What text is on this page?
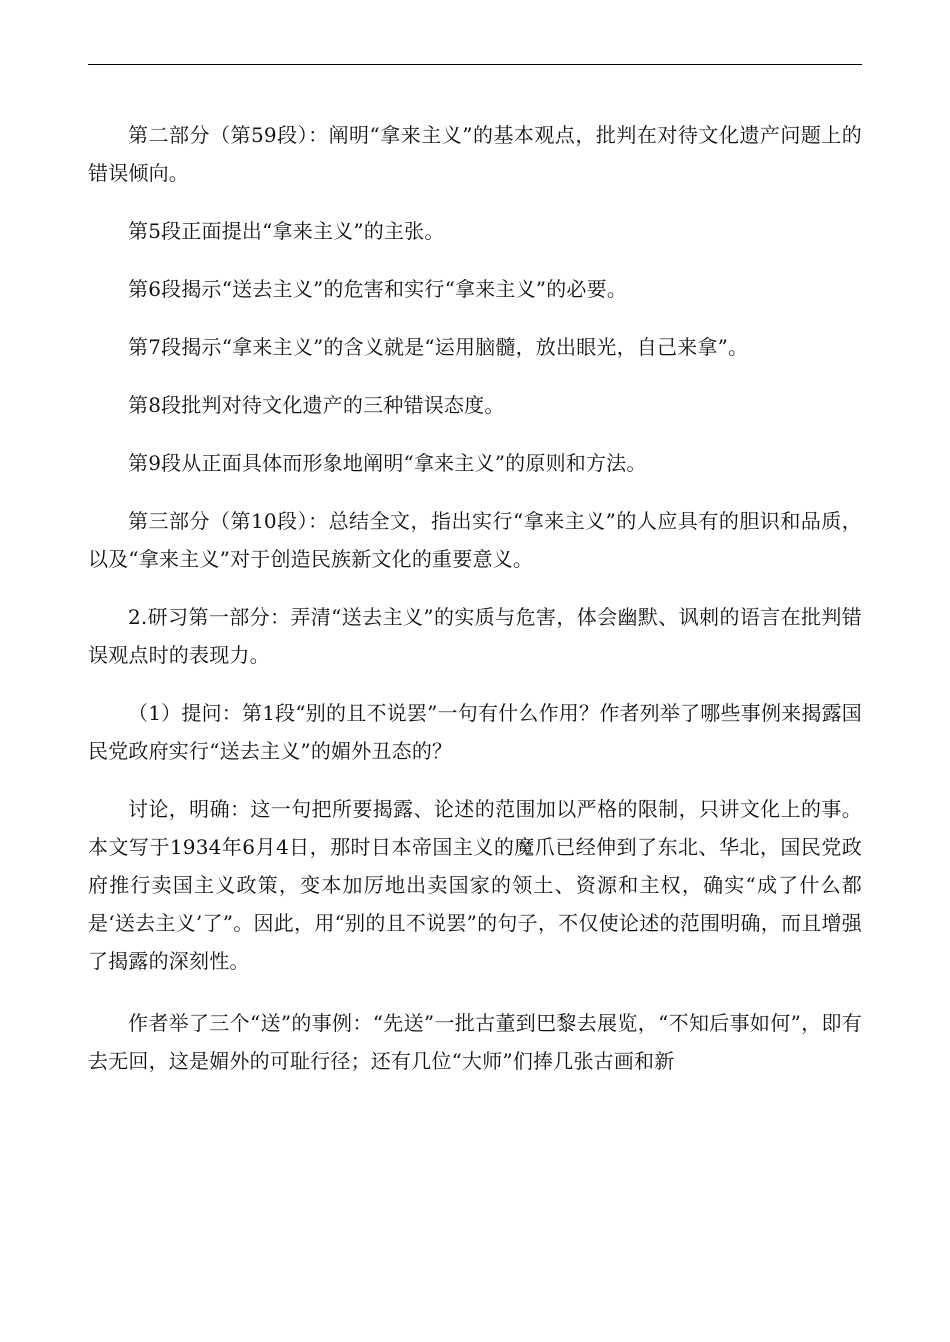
第二部分（第59段）：阐明“拿来主义”的基本观点，批判在对待文化遗产问题上的错误倾向。

第5段正面提出“拿来主义”的主张。

第6段揭示“送去主义”的危害和实行“拿来主义”的必要。

第7段揭示“拿来主义”的含义就是“运用脑髓，放出眼光，自己来拿”。

第8段批判对待文化遗产的三种错误态度。

第9段从正面具体而形象地阐明“拿来主义”的原则和方法。

第三部分（第10段）：总结全文，指出实行“拿来主义”的人应具有的胆识和品质，以及“拿来主义”对于创造民族新文化的重要意义。

2.研习第一部分：弄清“送去主义”的实质与危害，体会幽默、讽刺的语言在批判错误观点时的表现力。

（1）提问：第1段“别的且不说罢”一句有什么作用？作者列举了哪些事例来揭露国民党政府实行“送去主义”的媚外丑态的？

讨论，明确：这一句把所要揭露、论述的范围加以严格的限制，只讲文化上的事。本文写于1934年6月4日，那时日本帝国主义的魔爪已经伸到了东北、华北，国民党政府推行卖国主义政策，变本加厉地出卖国家的领土、资源和主权，确实“成了什么都是‘送去主义’了”。因此，用“别的且不说罢”的句子，不仅使论述的范围明确，而且增强了揭露的深刻性。

作者举了三个“送”的事例：“先送”一批古董到巴黎去展览，“不知后事如何”，即有去无回，这是媚外的可耻行径；还有几位“大师”们捧几张古画和新
